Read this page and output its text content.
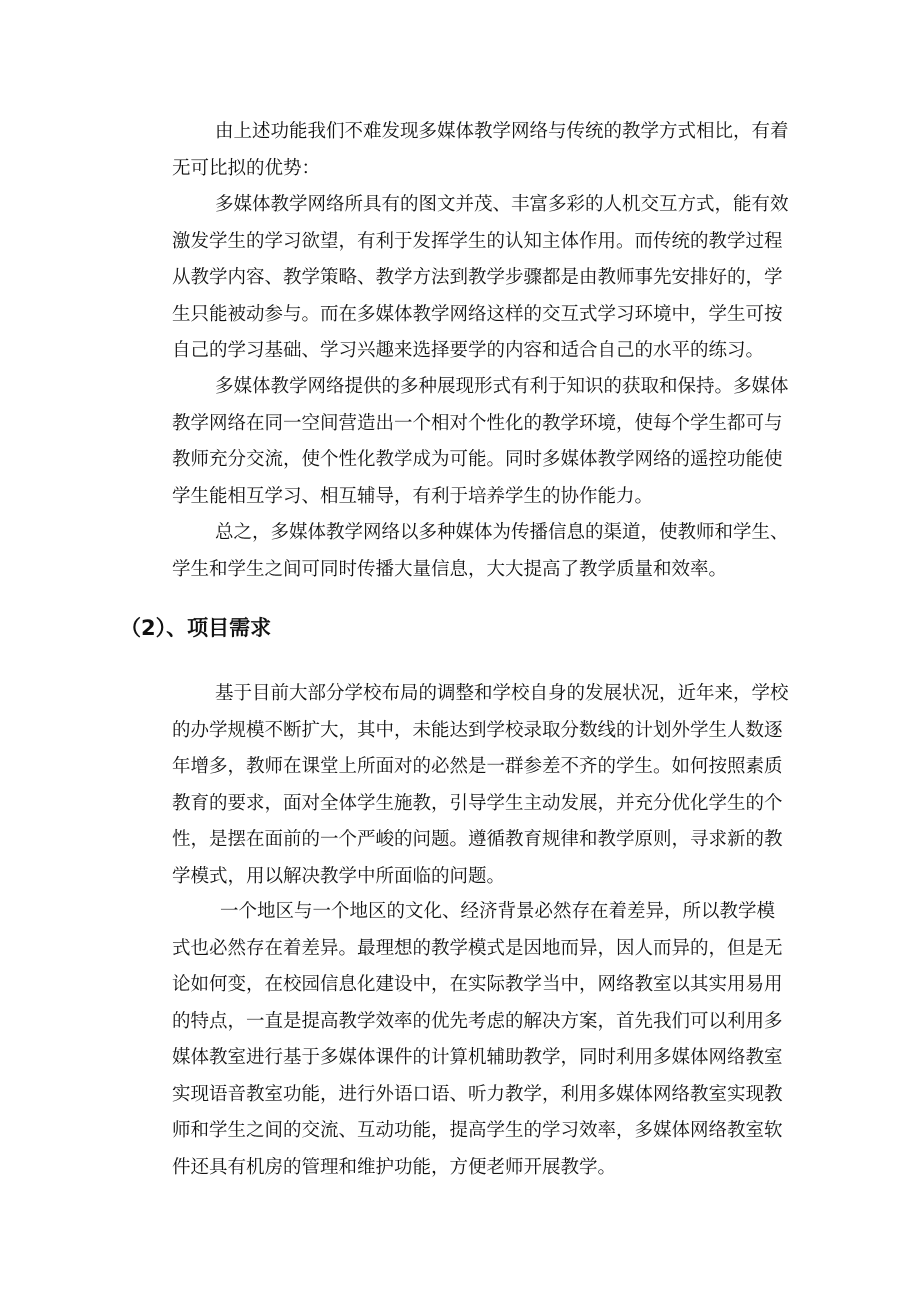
由上述功能我们不难发现多媒体教学网络与传统的教学方式相比，有着
无可比拟的优势：
多媒体教学网络所具有的图文并茂、丰富多彩的人机交互方式，能有效
激发学生的学习欲望，有利于发挥学生的认知主体作用。而传统的教学过程
从教学内容、教学策略、教学方法到教学步骤都是由教师事先安排好的，学
生只能被动参与。而在多媒体教学网络这样的交互式学习环境中，学生可按
自己的学习基础、学习兴趣来选择要学的内容和适合自己的水平的练习。
多媒体教学网络提供的多种展现形式有利于知识的获取和保持。多媒体
教学网络在同一空间营造出一个相对个性化的教学环境，使每个学生都可与
教师充分交流，使个性化教学成为可能。同时多媒体教学网络的遥控功能使
学生能相互学习、相互辅导，有利于培养学生的协作能力。
总之，多媒体教学网络以多种媒体为传播信息的渠道，使教师和学生、
学生和学生之间可同时传播大量信息，大大提高了教学质量和效率。
（2）、项目需求
基于目前大部分学校布局的调整和学校自身的发展状况，近年来，学校
的办学规模不断扩大，其中，未能达到学校录取分数线的计划外学生人数逐
年增多，教师在课堂上所面对的必然是一群参差不齐的学生。如何按照素质
教育的要求，面对全体学生施教，引导学生主动发展，并充分优化学生的个
性，是摆在面前的一个严峻的问题。遵循教育规律和教学原则，寻求新的教
学模式，用以解决教学中所面临的问题。
一个地区与一个地区的文化、经济背景必然存在着差异，所以教学模
式也必然存在着差异。最理想的教学模式是因地而异，因人而异的，但是无
论如何变，在校园信息化建设中，在实际教学当中，网络教室以其实用易用
的特点，一直是提高教学效率的优先考虑的解决方案，首先我们可以利用多
媒体教室进行基于多媒体课件的计算机辅助教学，同时利用多媒体网络教室
实现语音教室功能，进行外语口语、听力教学，利用多媒体网络教室实现教
师和学生之间的交流、互动功能，提高学生的学习效率，多媒体网络教室软
件还具有机房的管理和维护功能，方便老师开展教学。
